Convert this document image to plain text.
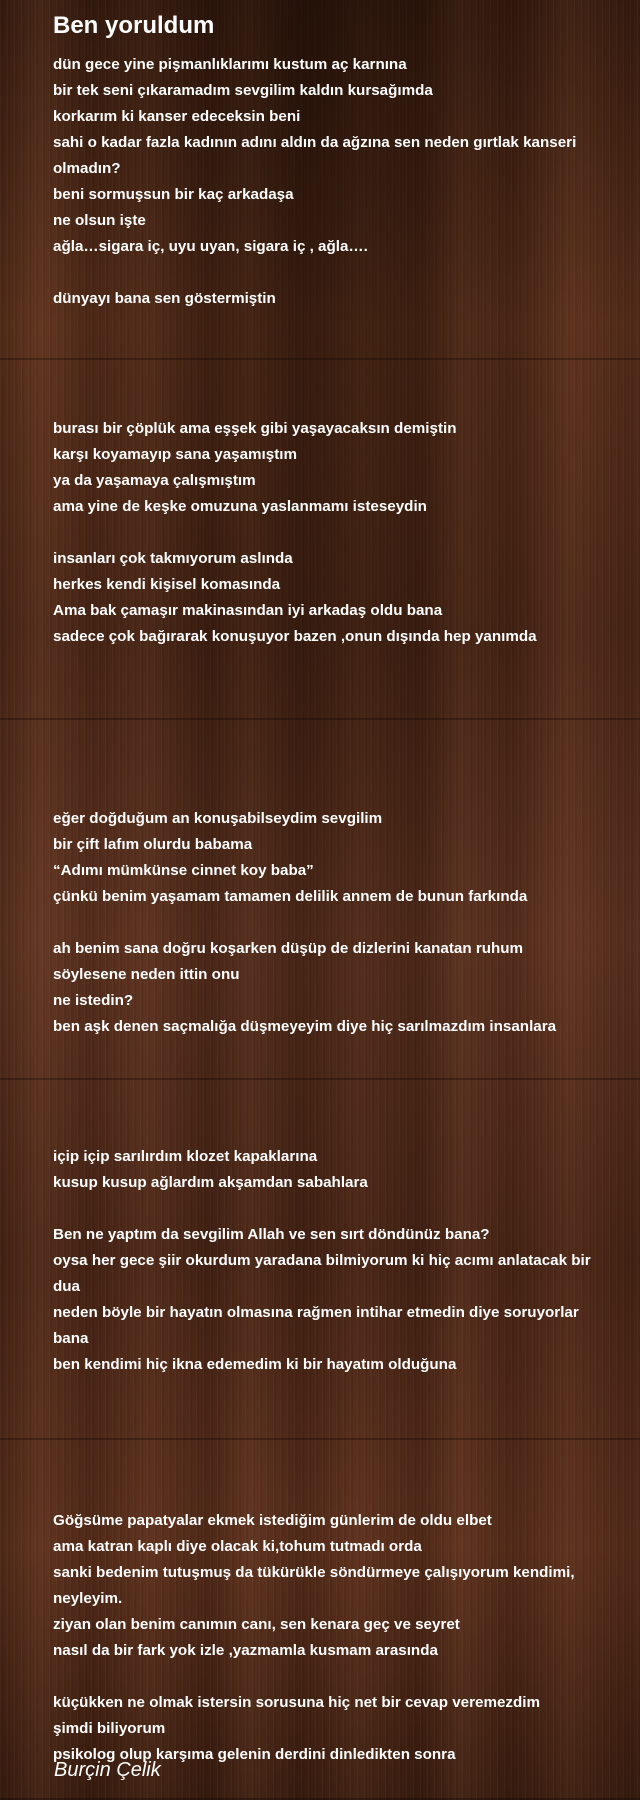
Ben yoruldum
dün gece yine pişmanlıklarımı kustum aç karnına
bir tek seni çıkaramadım sevgilim kaldın kursağımda
korkarım ki kanser edeceksin beni
sahi o kadar fazla kadının adını aldın da ağzına sen neden gırtlak kanseri olmadın?
beni sormuşsun bir kaç arkadaşa
ne olsun işte
ağla…sigara iç, uyu uyan, sigara iç , ağla….
dünyayı bana sen göstermiştin
burası bir çöplük ama eşşek gibi yaşayacaksın demiştin
karşı koyamayıp sana yaşamıştım
ya da yaşamaya çalışmıştım
ama yine de keşke omuzuna yaslanmamı isteseydin
insanları çok takmıyorum aslında
herkes kendi kişisel komasında
Ama bak çamaşır makinasından iyi arkadaş oldu bana
sadece çok bağırarak konuşuyor bazen ,onun dışında hep yanımda
eğer doğduğum an konuşabilseydim sevgilim
bir çift lafım olurdu babama
“Adımı mümkünse cinnet koy baba”
çünkü benim yaşamam tamamen delilik annem de bunun farkında
ah benim sana doğru koşarken düşüp de dizlerini kanatan ruhum
söylesene neden ittin onu
ne istedin?
ben aşk denen saçmalığa düşmeyeyim diye hiç sarılmazdım insanlara
içip içip sarılırdım klozet kapaklarına
kusup kusup ağlardım akşamdan sabahlara
Ben ne yaptım da sevgilim Allah ve sen sırt döndünüz bana?
oysa her gece şiir okurdum yaradana bilmiyorum ki hiç acımı anlatacak bir dua
neden böyle bir hayatın olmasına rağmen intihar etmedin diye soruyorlar bana
ben kendimi hiç ikna edemedim ki bir hayatım olduğuna
Göğsüme papatyalar ekmek istediğim günlerim de oldu elbet
ama katran kaplı diye olacak ki,tohum tutmadı orda
sanki bedenim tutuşmuş da tükürükle söndürmeye çalışıyorum kendimi, neyleyim.
ziyan olan benim canımın canı, sen kenara geç ve seyret
nasıl da bir fark yok izle ,yazmamla kusmam arasında
küçükken ne olmak istersin sorusuna hiç net bir cevap veremezdim
şimdi biliyorum
psikolog olup karşıma gelenin derdini dinledikten sonra
Burçin Çelik
